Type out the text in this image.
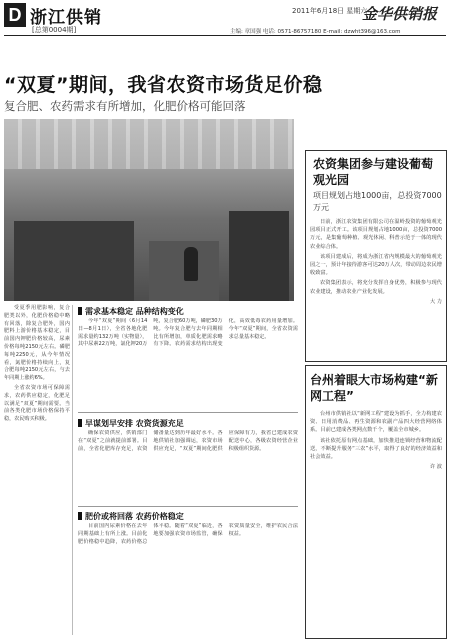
D 浙江供销
[总第0004期]
2011年6月18日 星期六
金华供销报
主编: 章国强 电话: 0571-86757180 E-mail: dzwht396@163.com
“双夏”期间，我省农资市场货足价稳
复合肥、农药需求有所增加，化肥价格可能回落
农资集团参与建设葡萄观光园
项目规划占地1000亩，总投资7000万元

日前，浙江农资集团有限公司在温岭投资的葡萄观光园项目正式开工。该项目规划占地1000亩，总投资7000万元，是集葡萄种植、观光休闲、科普示范于一体的现代农业综合体。

该项目建成后，将成为浙江省内规模最大的葡萄观光园之一，预计年接待游客可达20万人次，带动周边农民增收致富。

农资集团表示，将充分发挥自身优势，积极参与现代农业建设，推动农业产业化发展。

大 力
台州着眼大市场构建“新网工程”

台州市供销社以“新网工程”建设为抓手，全力构建农资、日用消费品、再生资源和农副产品四大经营网络体系。目前已建成各类网点数千个，覆盖全市城乡。

该社依托原有网点基础，加快推进连锁经营和物流配送，不断提升服务“三农”水平，取得了良好的经济效益和社会效益。

许 波

受夏季用肥影响，复合肥类以外，化肥价格稳中略有回落，除复合肥外，国内肥料上游价格基本稳定，目前国内钾肥价格较高，尿素价格每吨2150元左右。磷肥每吨2250元，从今年情况看，氮肥价格持续向上，复合肥每吨2150元左右，与去年同期上涨约6%。

全省农资市场可保障需求，农药供应稳定，化肥足以满足“双夏”期间需要。当前各类化肥市场价格保持平稳，农民购买积极。

需求基本稳定 品种结构变化

今年“双夏”期间（6月14日—8月1日），全省各地化肥需求量约132万吨（实物量），其中尿素22万吨，氯化钾20万吨，复合肥60万吨，磷肥30万吨。今年复合肥与去年同期相比有所增加，单质化肥需求略有下降。农药需求结构出现变化，高效低毒农药用量增加。今年“双夏”期间，全省农资需求总量基本稳定。

早谋划早安排 农资货源充足

确保农资供应，供销部门在“双夏”之前就提前部署。目前，全省化肥库存充足，农资储备量达到历年最好水平。各地供销社加强调运，农资市场供应充足，“双夏”期间化肥供应保障有力，我省已建成农资配送中心，各级农资经营企业积极组织货源。

肥价或将回落 农药价格稳定

目前国内尿素价格在去年同期基础上有所上涨。目前化肥价格稳中趋降，农药价格总体平稳。随着“双夏”临近，各地要加强农资市场监管，确保农资质量安全，维护农民合法权益。
